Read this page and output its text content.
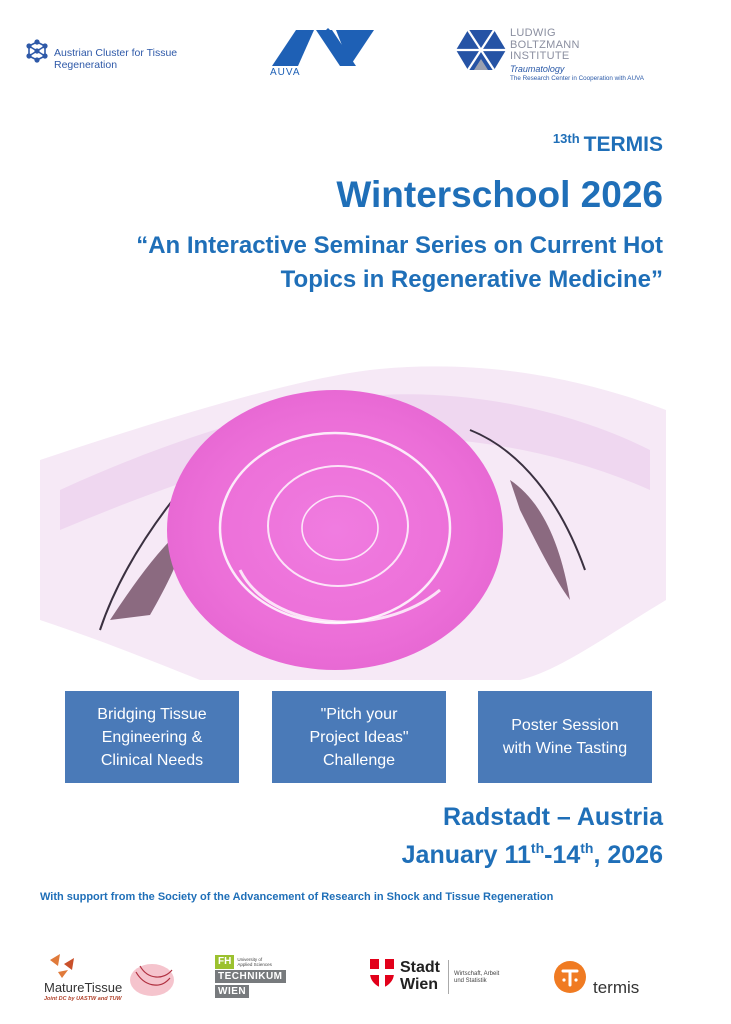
Austrian Cluster for Tissue Regeneration
AUVA
LUDWIG
BOLTZMANN
INSTITUTE
Traumatology
The Research Center in Cooperation with AUVA
$^{13th}$ TERMIS
Winterschool 2026
“An Interactive Seminar Series on Current Hot
Topics in Regenerative Medicine”
Bridging Tissue
Engineering &
Clinical Needs
"Pitch your
Project Ideas"
Challenge
Poster Session
with Wine Tasting
Radstadt – Austria
January 11th-14th, 2026
With support from the Society of the Advancement of Research in Shock and Tissue Regeneration
MatureTissue
Joint DC by UASTW and TUW
FH	University of Applied Sciences
TECHNIKUM
WIEN
Stadt
Wien
Wirtschaft, Arbeit
und Statistik	termis
